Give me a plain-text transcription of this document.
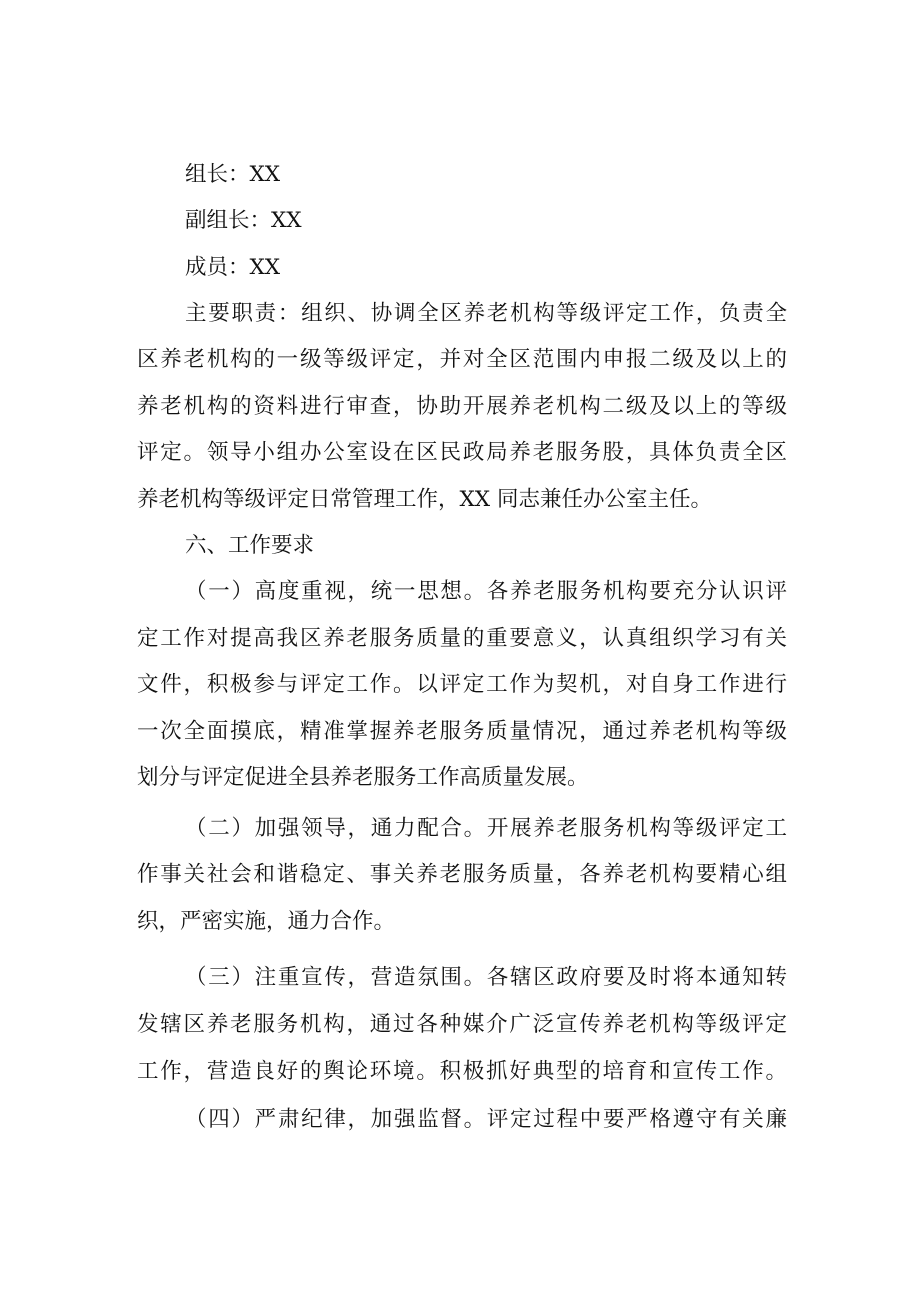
组长：XX
副组长：XX
成员：XX
主要职责：组织、协调全区养老机构等级评定工作，负责全
区养老机构的一级等级评定，并对全区范围内申报二级及以上的
养老机构的资料进行审查，协助开展养老机构二级及以上的等级
评定。领导小组办公室设在区民政局养老服务股，具体负责全区
养老机构等级评定日常管理工作，XX 同志兼任办公室主任。
六、工作要求
（一）高度重视，统一思想。各养老服务机构要充分认识评
定工作对提高我区养老服务质量的重要意义，认真组织学习有关
文件，积极参与评定工作。以评定工作为契机，对自身工作进行
一次全面摸底，精准掌握养老服务质量情况，通过养老机构等级
划分与评定促进全县养老服务工作高质量发展。
（二）加强领导，通力配合。开展养老服务机构等级评定工
作事关社会和谐稳定、事关养老服务质量，各养老机构要精心组
织，严密实施，通力合作。
（三）注重宣传，营造氛围。各辖区政府要及时将本通知转
发辖区养老服务机构，通过各种媒介广泛宣传养老机构等级评定
工作，营造良好的舆论环境。积极抓好典型的培育和宣传工作。
（四）严肃纪律，加强监督。评定过程中要严格遵守有关廉
